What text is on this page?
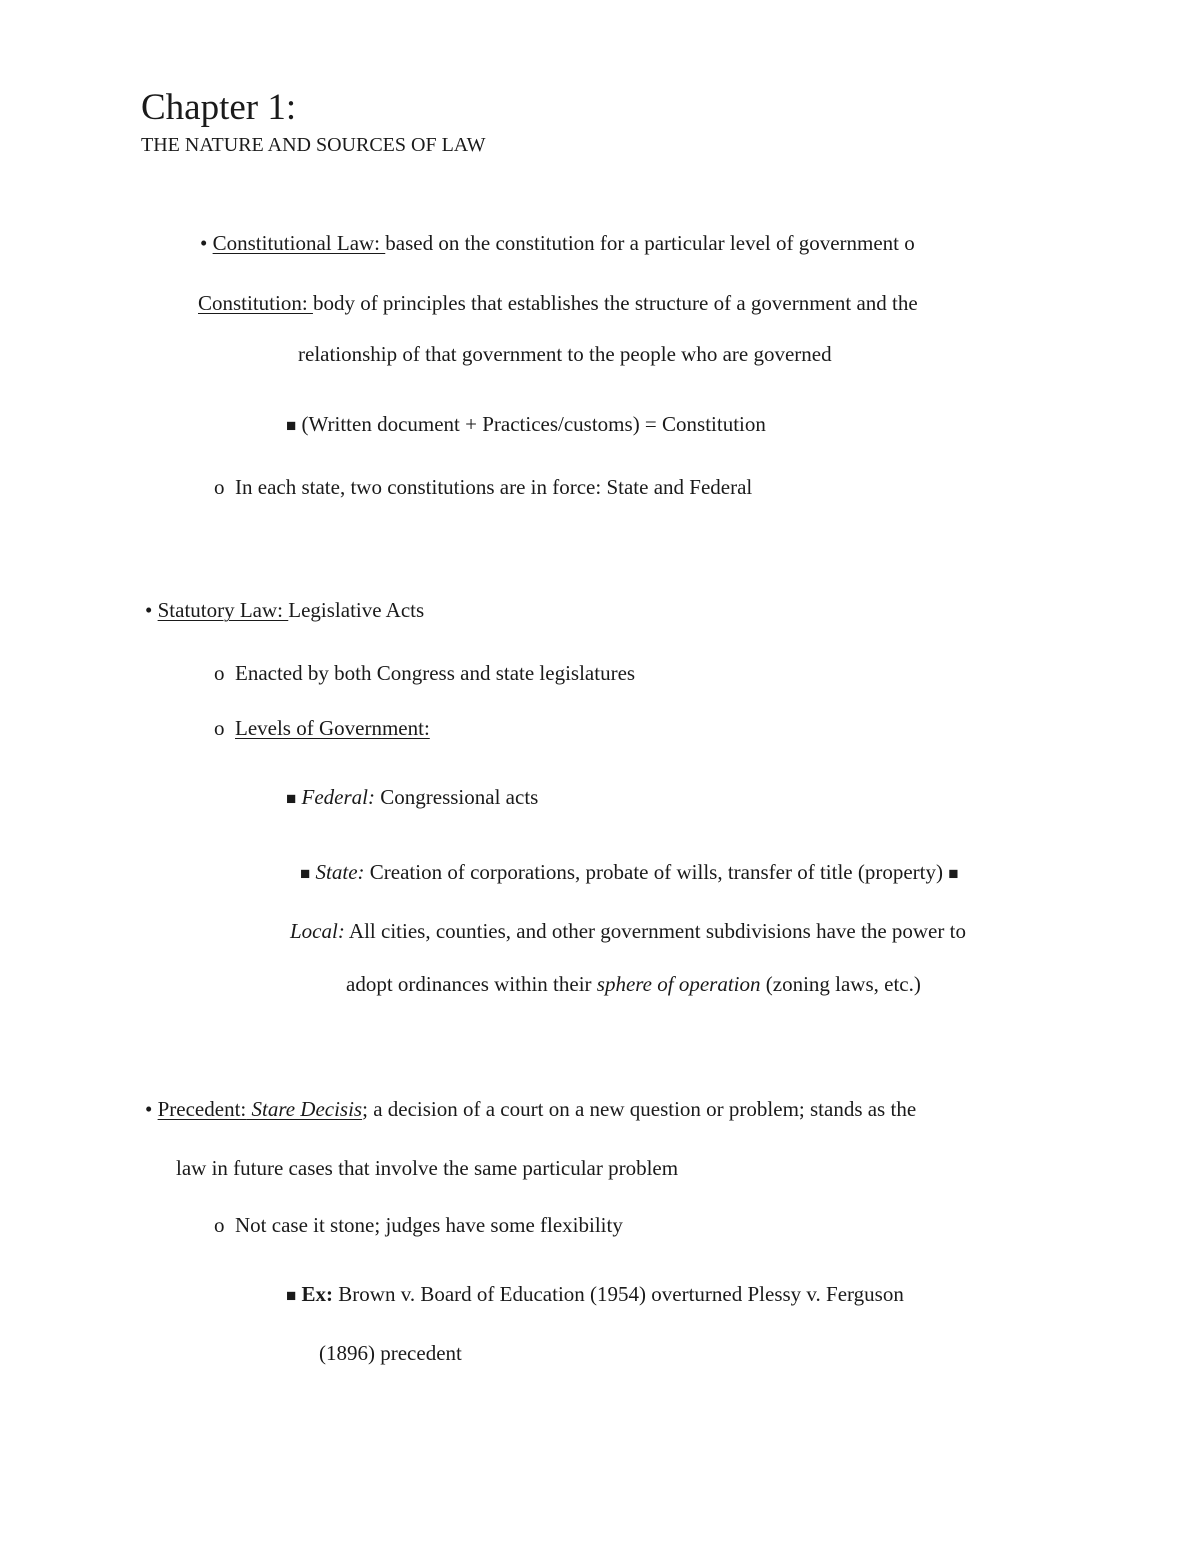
Chapter 1:
THE NATURE AND SOURCES OF LAW
• Constitutional Law: based on the constitution for a particular level of government o
Constitution: body of principles that establishes the structure of a government and the
relationship of that government to the people who are governed
■ (Written document + Practices/customs) = Constitution
o In each state, two constitutions are in force: State and Federal
• Statutory Law: Legislative Acts
o Enacted by both Congress and state legislatures
o Levels of Government:
■ Federal: Congressional acts
■ State: Creation of corporations, probate of wills, transfer of title (property) ■
Local: All cities, counties, and other government subdivisions have the power to
adopt ordinances within their sphere of operation (zoning laws, etc.)
• Precedent: Stare Decisis; a decision of a court on a new question or problem; stands as the
law in future cases that involve the same particular problem
o Not case it stone; judges have some flexibility
■ Ex: Brown v. Board of Education (1954) overturned Plessy v. Ferguson
(1896) precedent
